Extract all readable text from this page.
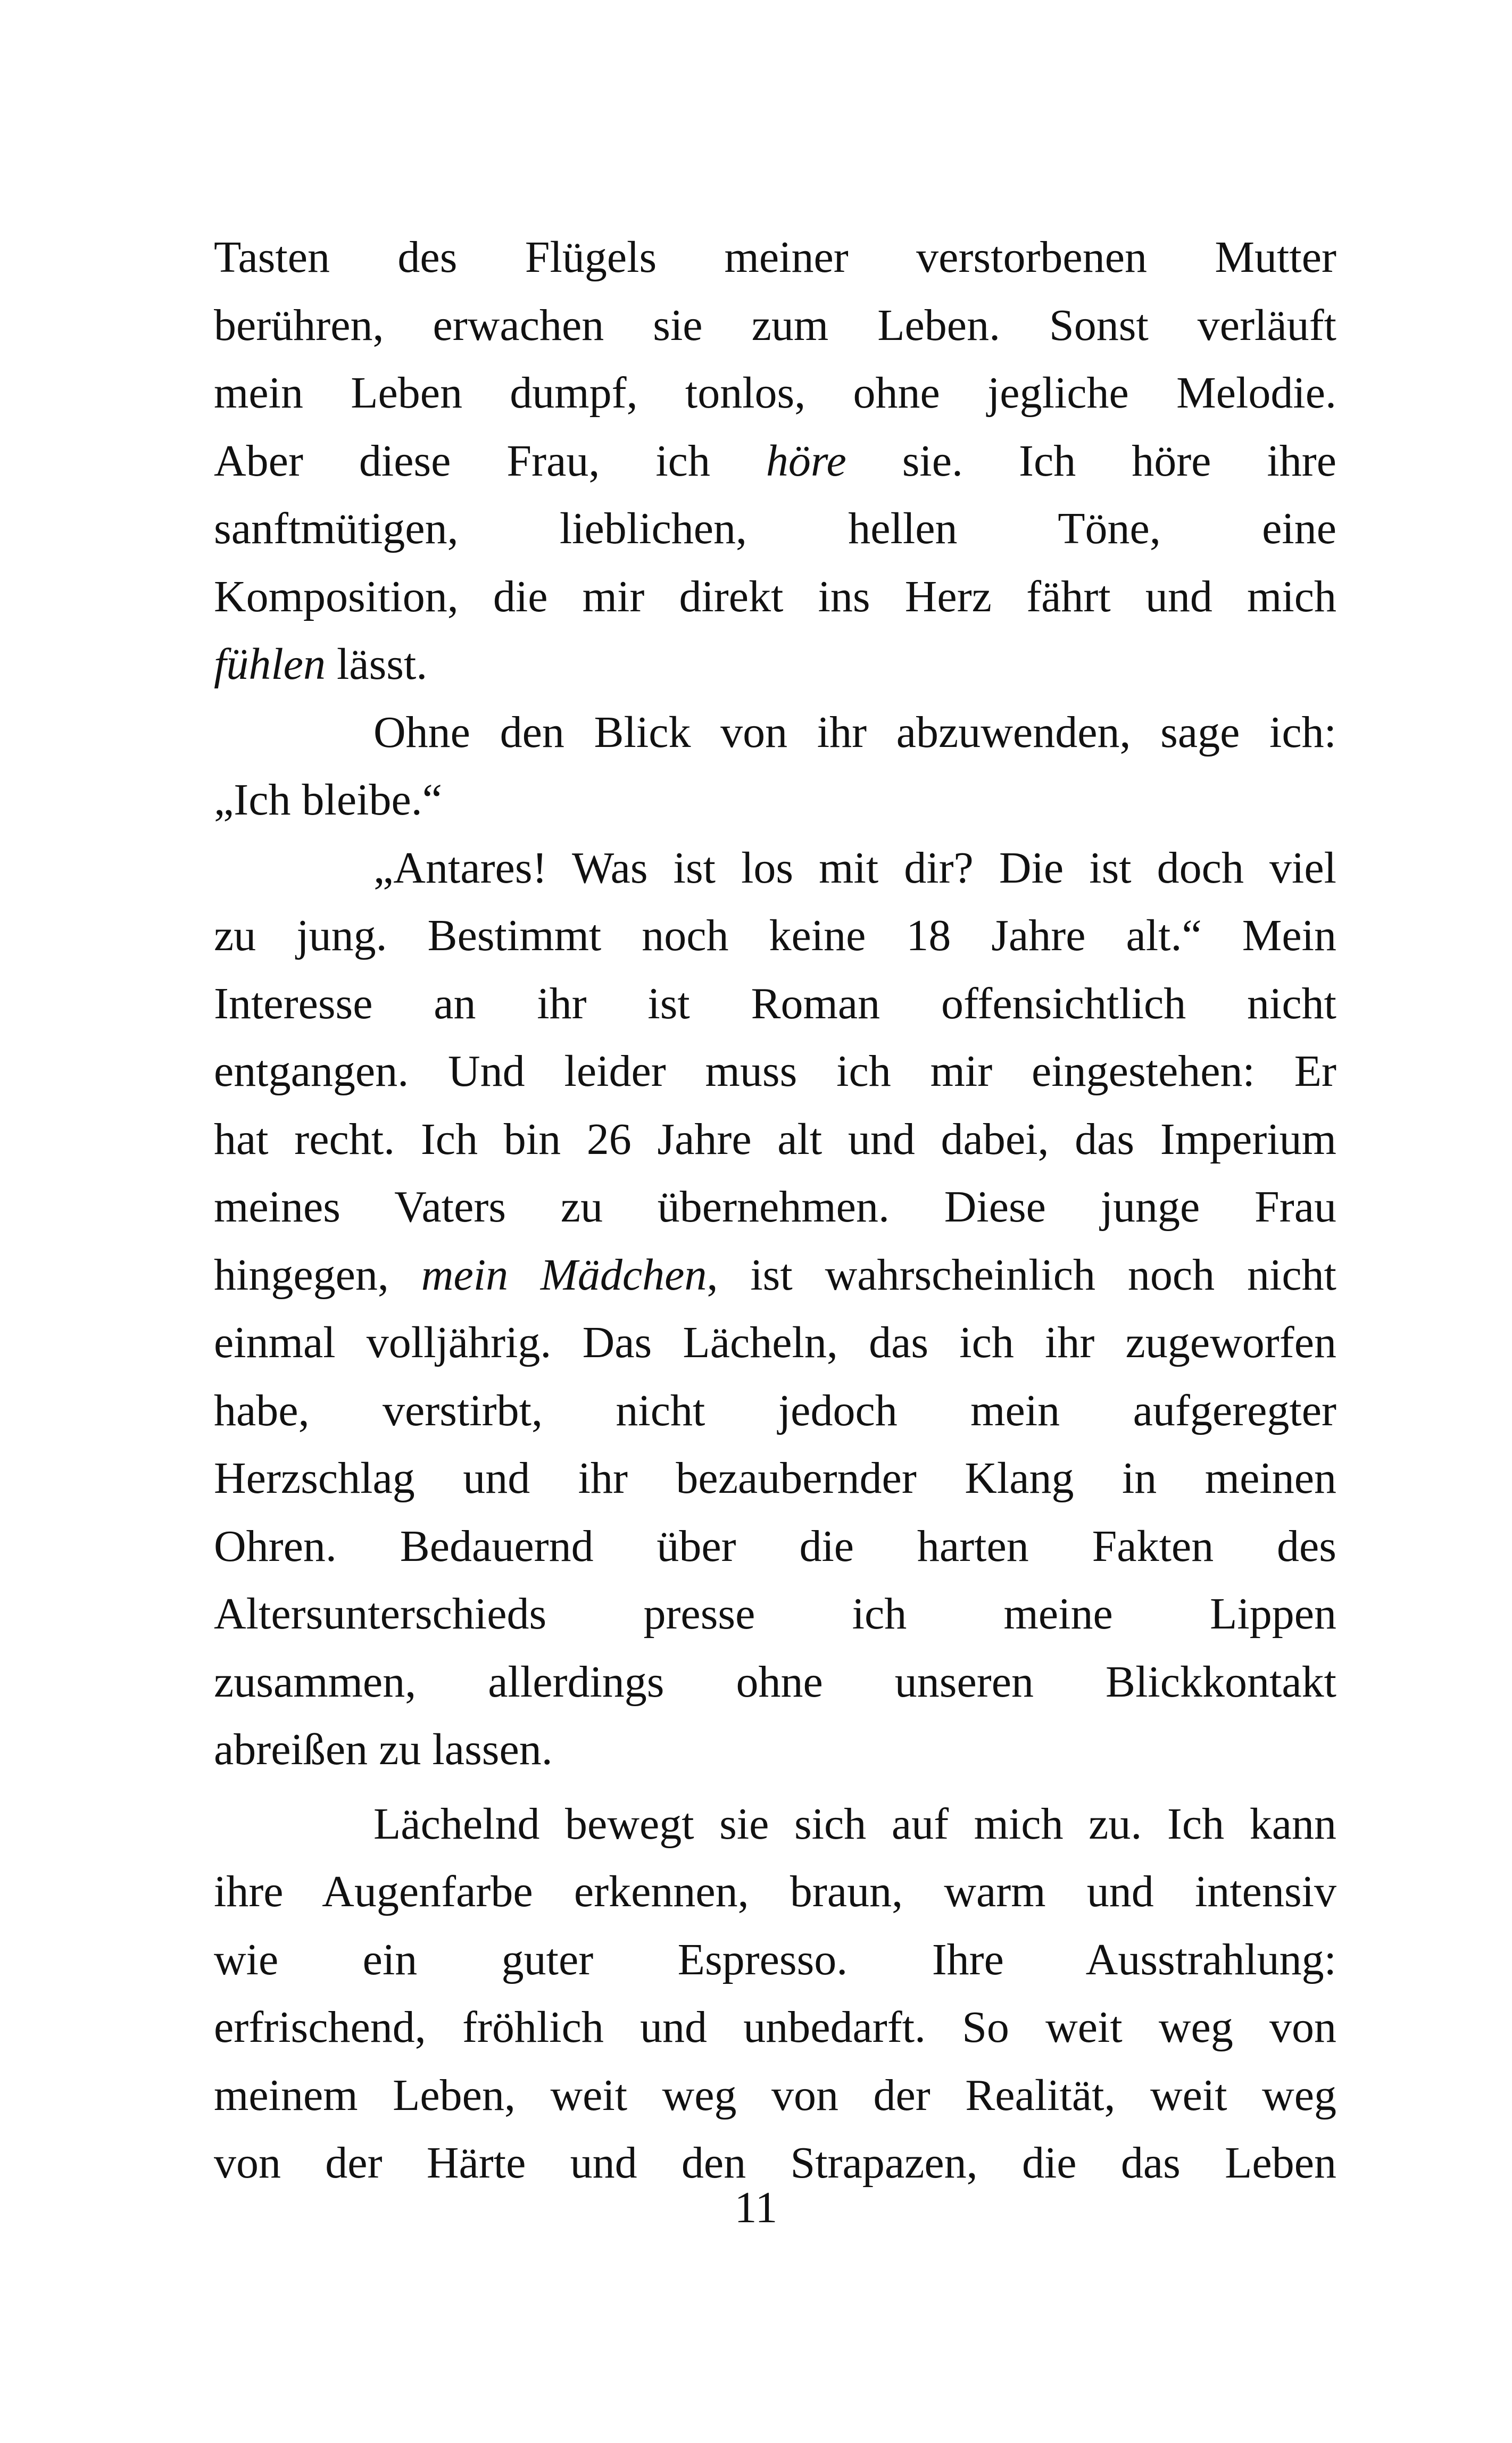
Tasten des Flügels meiner verstorbenen Mutter
berühren, erwachen sie zum Leben. Sonst verläuft
mein Leben dumpf, tonlos, ohne jegliche Melodie.
Aber diese Frau, ich höre sie. Ich höre ihre
sanftmütigen, lieblichen, hellen Töne, eine
Komposition, die mir direkt ins Herz fährt und mich
fühlen lässt.
Ohne den Blick von ihr abzuwenden, sage ich:
„Ich bleibe.“
„Antares! Was ist los mit dir? Die ist doch viel
zu jung. Bestimmt noch keine 18 Jahre alt.“ Mein
Interesse an ihr ist Roman offensichtlich nicht
entgangen. Und leider muss ich mir eingestehen: Er
hat recht. Ich bin 26 Jahre alt und dabei, das Imperium
meines Vaters zu übernehmen. Diese junge Frau
hingegen, mein Mädchen, ist wahrscheinlich noch nicht
einmal volljährig. Das Lächeln, das ich ihr zugeworfen
habe, verstirbt, nicht jedoch mein aufgeregter
Herzschlag und ihr bezaubernder Klang in meinen
Ohren. Bedauernd über die harten Fakten des
Altersunterschieds presse ich meine Lippen
zusammen, allerdings ohne unseren Blickkontakt
abreißen zu lassen.
Lächelnd bewegt sie sich auf mich zu. Ich kann
ihre Augenfarbe erkennen, braun, warm und intensiv
wie ein guter Espresso. Ihre Ausstrahlung:
erfrischend, fröhlich und unbedarft. So weit weg von
meinem Leben, weit weg von der Realität, weit weg
von der Härte und den Strapazen, die das Leben
11
